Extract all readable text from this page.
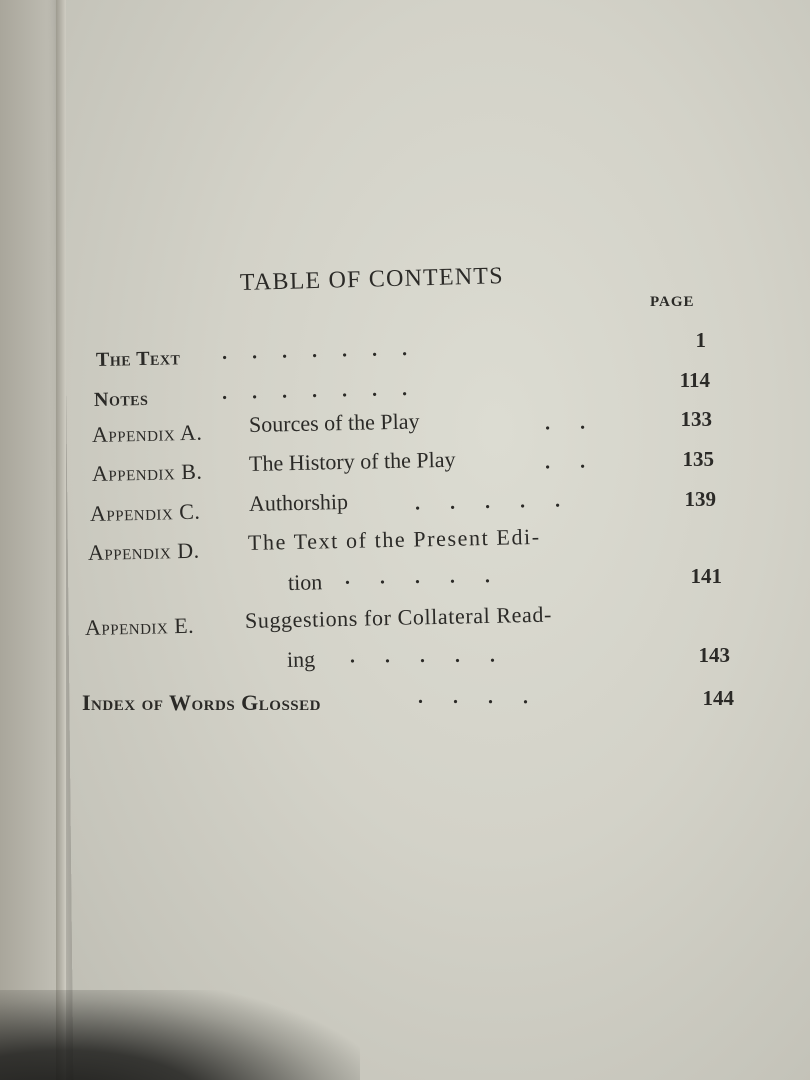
TABLE OF CONTENTS
PAGE
The Text .     .     .     .     .     .     .	1
Notes	.     .     .     .     .     .     .	114
Appendix A. Sources of the Play	.      .	133
Appendix B. The History of the Play	.      .	135
Appendix C. Authorship	.      .      .      .      .	139
Appendix D. The Text of the Present Edi-
tion .      .      .      .      .	141
Appendix E. Suggestions for Collateral Read-
ing .      .      .      .      .	143
Index of Words Glossed	.      .      .      .	144
